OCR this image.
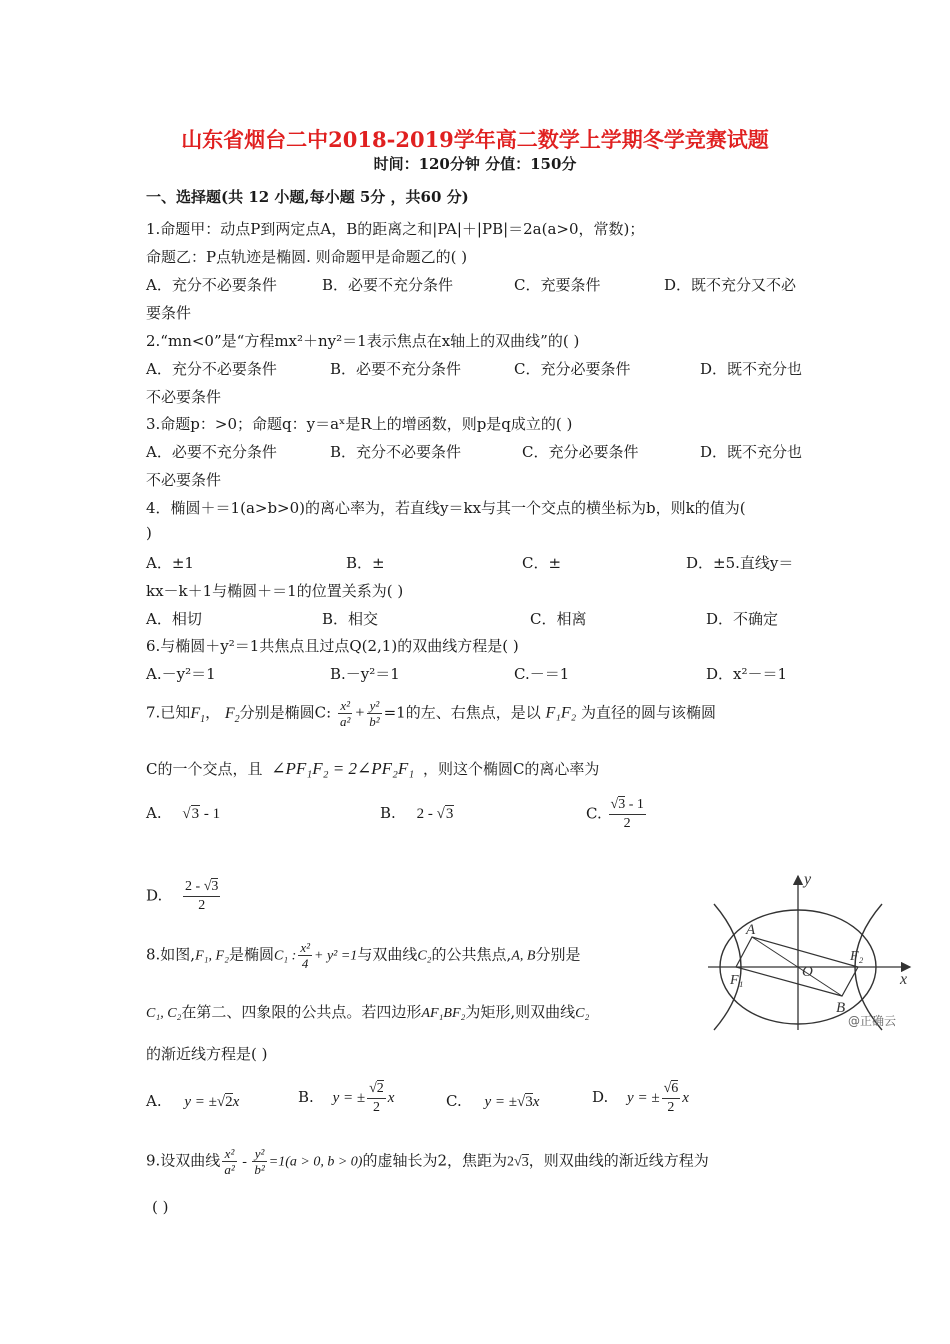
山东省烟台二中2018-2019学年高二数学上学期冬学竞赛试题
时间：120分钟 分值：150分
一、选择题(共 12 小题,每小题 5分 ，共60 分)
1.命题甲：动点P到两定点A，B的距离之和|PA|＋|PB|＝2a(a>0，常数)；
命题乙：P点轨迹是椭圆. 则命题甲是命题乙的( )
A．充分不必要条件	B．必要不充分条件	C．充要条件	D．既不充分又不必
要条件
2.“mn<0”是“方程mx²＋ny²＝1表示焦点在x轴上的双曲线”的( )
A．充分不必要条件	B．必要不充分条件	C．充分必要条件	D．既不充分也
不必要条件
3.命题p：>0；命题q：y＝aˣ是R上的增函数，则p是q成立的( )
A．必要不充分条件	B．充分不必要条件	C．充分必要条件	D．既不充分也
不必要条件
4．椭圆＋＝1(a>b>0)的离心率为，若直线y＝kx与其一个交点的横坐标为b，则k的值为(
)
A．±1	B．±	C．±	D．±5.直线y＝
kx－k＋1与椭圆＋＝1的位置关系为( )
A．相切	B．相交	C．相离	D．不确定
6.与椭圆＋y²＝1共焦点且过点Q(2,1)的双曲线方程是( )
A.－y²＝1	B.－y²＝1	C.－＝1	D．x²－＝1
7.已知$F_1$， $F_2$分别是椭圆C: $\frac{\text{x²}}{\text{a²}} + \frac{\text{y²}}{\text{b²}} =1$的左、右焦点，是以 F₁F₂ 为直径的圆与该椭圆
C的一个交点，且 ∠PF₁F₂ = 2∠PF₂F₁ ，则这个椭圆C的离心率为
A. √3 - 1	B. 2 - √3	C. $\frac{√3 - 1}{2}$
D. $\frac{2 - √3}{2}$	y
x
A
B
O
F₁
F₂
@正确云
8.如图,F₁, F₂是椭圆C₁ : $\frac{\text{x²}}{4} + y^2 =1$与双曲线C₂的公共焦点,A, B分别是
C₁, C₂在第二、四象限的公共点。若四边形AF₁BF₂为矩形,则双曲线C₂
的渐近线方程是( )
A. y = ±√2x	B. y = ± $\frac{√2}{2}$ x	C. y = ±√3x	D. y = ± $\frac{√6}{2}$ x
9.设双曲线 $\frac{\text{x²}}{\text{a²}} - \frac{\text{y²}}{\text{b²}} =1(a > 0$, b > 0)的虚轴长为2，焦距为2√3，则双曲线的渐近线方程为
( )
